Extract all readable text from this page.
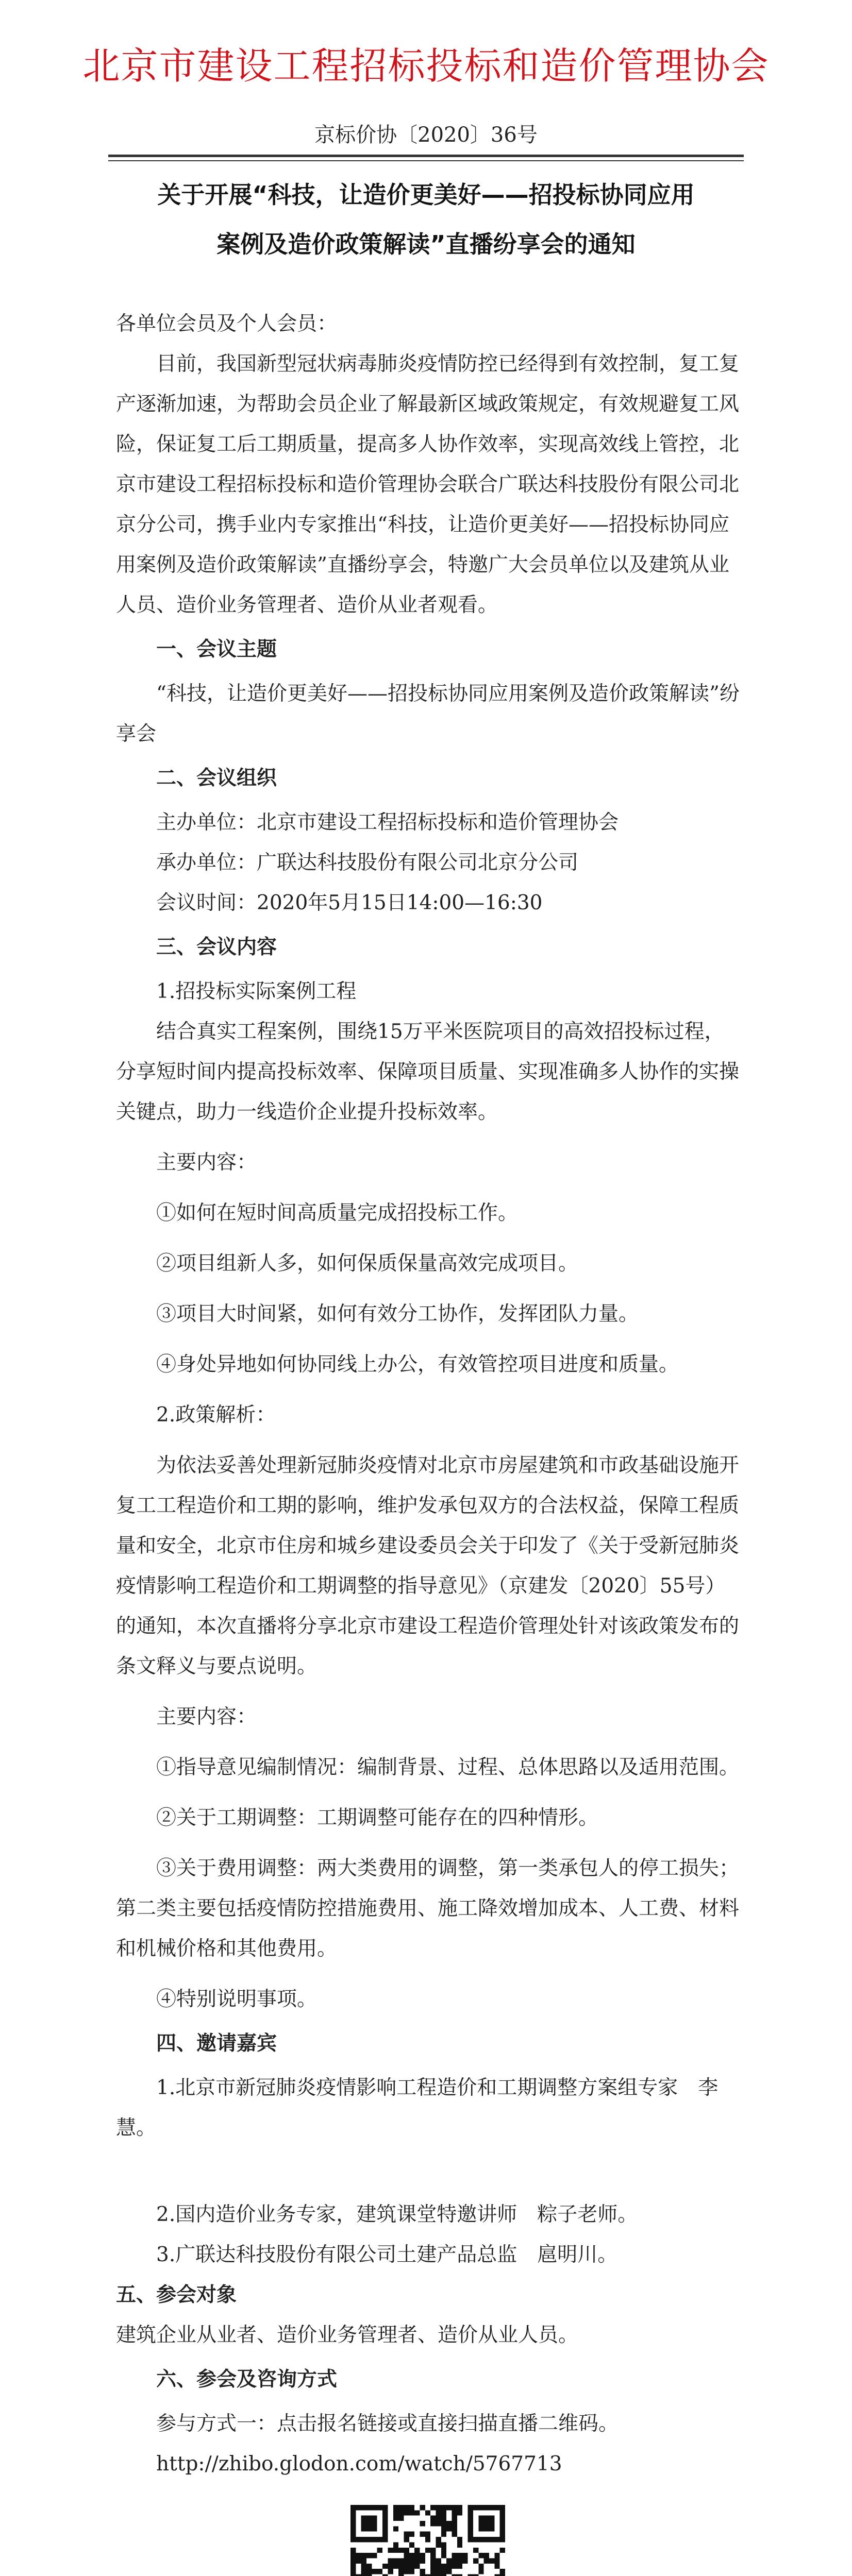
北京市建设工程招标投标和造价管理协会
京标价协〔2020〕36号
关于开展“科技，让造价更美好——招投标协同应用
案例及造价政策解读”直播纷享会的通知

各单位会员及个人会员：

目前，我国新型冠状病毒肺炎疫情防控已经得到有效控制，复工复产逐渐加速，为帮助会员企业了解最新区域政策规定，有效规避复工风险，保证复工后工期质量，提高多人协作效率，实现高效线上管控，北京市建设工程招标投标和造价管理协会联合广联达科技股份有限公司北京分公司，携手业内专家推出“科技，让造价更美好——招投标协同应用案例及造价政策解读”直播纷享会，特邀广大会员单位以及建筑从业人员、造价业务管理者、造价从业者观看。

一、会议主题

“科技，让造价更美好——招投标协同应用案例及造价政策解读”纷享会

二、会议组织

主办单位：北京市建设工程招标投标和造价管理协会

承办单位：广联达科技股份有限公司北京分公司

会议时间：2020年5月15日14:00—16:30

三、会议内容

1.招投标实际案例工程

结合真实工程案例，围绕15万平米医院项目的高效招投标过程，分享短时间内提高投标效率、保障项目质量、实现准确多人协作的实操关键点，助力一线造价企业提升投标效率。

主要内容：

①如何在短时间高质量完成招投标工作。

②项目组新人多，如何保质保量高效完成项目。

③项目大时间紧，如何有效分工协作，发挥团队力量。

④身处异地如何协同线上办公，有效管控项目进度和质量。

2.政策解析：

为依法妥善处理新冠肺炎疫情对北京市房屋建筑和市政基础设施开复工工程造价和工期的影响，维护发承包双方的合法权益，保障工程质量和安全，北京市住房和城乡建设委员会关于印发了《关于受新冠肺炎疫情影响工程造价和工期调整的指导意见》（京建发〔2020〕55号）的通知，本次直播将分享北京市建设工程造价管理处针对该政策发布的条文释义与要点说明。

主要内容：

①指导意见编制情况：编制背景、过程、总体思路以及适用范围。

②关于工期调整：工期调整可能存在的四种情形。

③关于费用调整：两大类费用的调整，第一类承包人的停工损失；第二类主要包括疫情防控措施费用、施工降效增加成本、人工费、材料和机械价格和其他费用。

④特别说明事项。

四、邀请嘉宾

1.北京市新冠肺炎疫情影响工程造价和工期调整方案组专家　李慧。

2.国内造价业务专家，建筑课堂特邀讲师　粽子老师。

3.广联达科技股份有限公司土建产品总监　扈明川。

五、参会对象

建筑企业从业者、造价业务管理者、造价从业人员。

六、参会及咨询方式

参与方式一：点击报名链接或直接扫描直播二维码。

http://zhibo.glodon.com/watch/5767713
